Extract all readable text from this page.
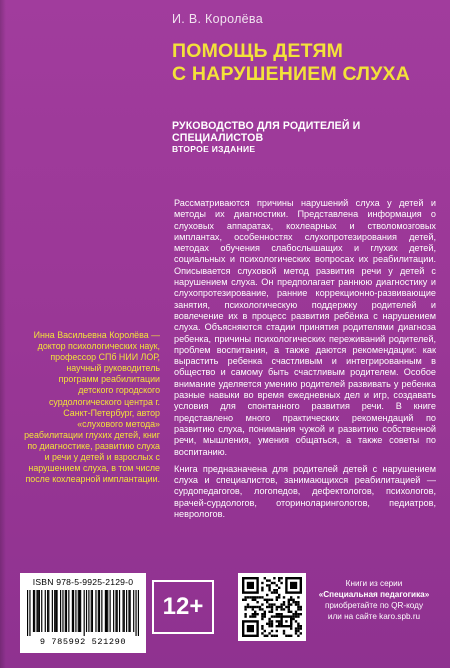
И. В. Королёва
ПОМОЩЬ ДЕТЯМ
С НАРУШЕНИЕМ СЛУХА
РУКОВОДСТВО ДЛЯ РОДИТЕЛЕЙ И СПЕЦИАЛИСТОВ
ВТОРОЕ ИЗДАНИЕ

Рассматриваются причины нарушений слуха у детей и методы их диагностики. Представлена информация о слуховых аппаратах, кохлеарных и стволомозговых имплантах, особенностях слухопротезирования детей, методах обучения слабослышащих и глухих детей, социальных и психологических вопросах их реабилитации. Описывается слуховой метод развития речи у детей с нарушением слуха. Он предполагает раннюю диагностику и слухопротезирование, ранние коррекционно-развивающие занятия, психологическую поддержку родителей и вовлечение их в процесс развития ребёнка с нарушением слуха. Объясняются стадии принятия родителями диагноза ребенка, причины психологических переживаний родителей, проблем воспитания, а также даются рекомендации: как вырастить ребенка счастливым и интегрированным в общество и самому быть счастливым родителем. Особое внимание уделяется умению родителей развивать у ребенка разные навыки во время ежедневных дел и игр, создавать условия для спонтанного развития речи. В книге представлено много практических рекомендаций по развитию слуха, понимания чужой и развитию собственной речи, мышления, умения общаться, а также советы по воспитанию.

Книга предназначена для родителей детей с нарушением слуха и специалистов, занимающихся реабилитацией — сурдопедагогов, логопедов, дефектологов, психологов, врачей-сурдологов, оториноларингологов, педиатров, неврологов.

Инна Васильевна Королёва — доктор психологических наук, профессор СПб НИИ ЛОР, научный руководитель программ реабилитации детского городского сурдологического центра г. Санкт-Петербург, автор «слухового метода» реабилитации глухих детей, книг по диагностике, развитию слуха и речи у детей и взрослых с нарушением слуха, в том числе после кохлеарной имплантации.
ISBN 978-5-9925-2129-0
9 785992 521290
12+
Книги из серии
«Специальная педагогика»
приобретайте по QR-коду
или на сайте karo.spb.ru
